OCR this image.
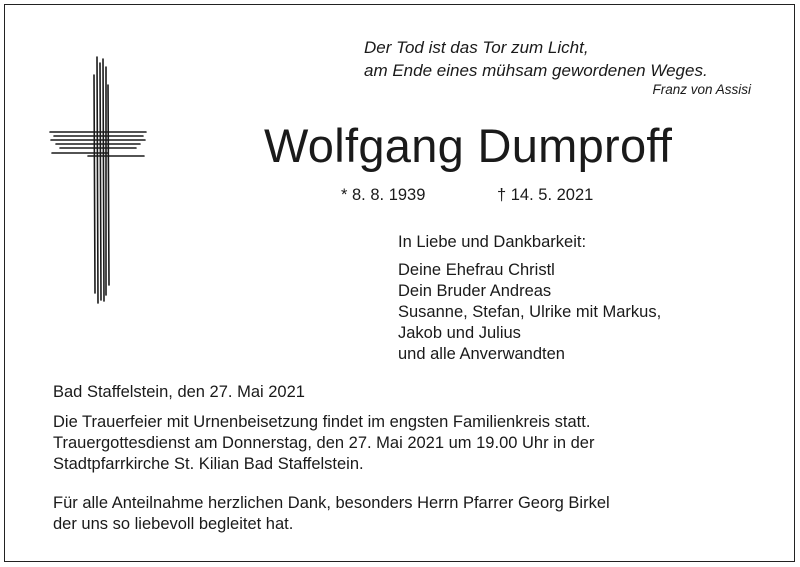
Der Tod ist das Tor zum Licht,
am Ende eines mühsam gewordenen Weges.
Franz von Assisi
Wolfgang Dumproff
* 8. 8. 1939	† 14. 5. 2021
In Liebe und Dankbarkeit:
Deine Ehefrau Christl
Dein Bruder Andreas
Susanne, Stefan, Ulrike mit Markus,
Jakob und Julius
und alle Anverwandten
Bad Staffelstein, den 27. Mai 2021
Die Trauerfeier mit Urnenbeisetzung findet im engsten Familienkreis statt.
Trauergottesdienst am Donnerstag, den 27. Mai 2021 um 19.00 Uhr in der
Stadtpfarrkirche St. Kilian Bad Staffelstein.
Für alle Anteilnahme herzlichen Dank, besonders Herrn Pfarrer Georg Birkel
der uns so liebevoll begleitet hat.
